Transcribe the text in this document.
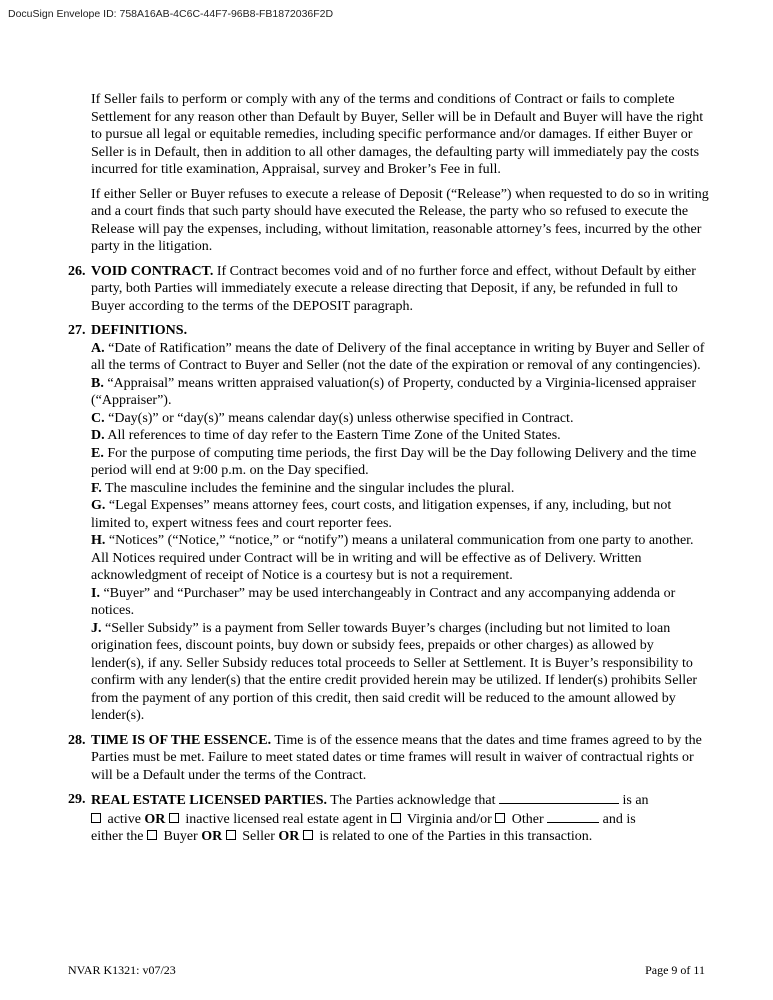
DocuSign Envelope ID: 758A16AB-4C6C-44F7-96B8-FB1872036F2D

If Seller fails to perform or comply with any of the terms and conditions of Contract or fails to complete Settlement for any reason other than Default by Buyer, Seller will be in Default and Buyer will have the right to pursue all legal or equitable remedies, including specific performance and/or damages. If either Buyer or Seller is in Default, then in addition to all other damages, the defaulting party will immediately pay the costs incurred for title examination, Appraisal, survey and Broker’s Fee in full.

If either Seller or Buyer refuses to execute a release of Deposit (“Release”) when requested to do so in writing and a court finds that such party should have executed the Release, the party who so refused to execute the Release will pay the expenses, including, without limitation, reasonable attorney’s fees, incurred by the other party in the litigation.

26. VOID CONTRACT. If Contract becomes void and of no further force and effect, without Default by either party, both Parties will immediately execute a release directing that Deposit, if any, be refunded in full to Buyer according to the terms of the DEPOSIT paragraph.
27. DEFINITIONS.

A. “Date of Ratification” means the date of Delivery of the final acceptance in writing by Buyer and Seller of all the terms of Contract to Buyer and Seller (not the date of the expiration or removal of any contingencies).

B. “Appraisal” means written appraised valuation(s) of Property, conducted by a Virginia-licensed appraiser (“Appraiser”).

C. “Day(s)” or “day(s)” means calendar day(s) unless otherwise specified in Contract.

D. All references to time of day refer to the Eastern Time Zone of the United States.

E. For the purpose of computing time periods, the first Day will be the Day following Delivery and the time period will end at 9:00 p.m. on the Day specified.

F. The masculine includes the feminine and the singular includes the plural.

G. “Legal Expenses” means attorney fees, court costs, and litigation expenses, if any, including, but not limited to, expert witness fees and court reporter fees.

H. “Notices” (“Notice,” “notice,” or “notify”) means a unilateral communication from one party to another. All Notices required under Contract will be in writing and will be effective as of Delivery. Written acknowledgment of receipt of Notice is a courtesy but is not a requirement.

I. “Buyer” and “Purchaser” may be used interchangeably in Contract and any accompanying addenda or notices.

J. “Seller Subsidy” is a payment from Seller towards Buyer’s charges (including but not limited to loan origination fees, discount points, buy down or subsidy fees, prepaids or other charges) as allowed by lender(s), if any. Seller Subsidy reduces total proceeds to Seller at Settlement. It is Buyer’s responsibility to confirm with any lender(s) that the entire credit provided herein may be utilized. If lender(s) prohibits Seller from the payment of any portion of this credit, then said credit will be reduced to the amount allowed by lender(s).

28. TIME IS OF THE ESSENCE. Time is of the essence means that the dates and time frames agreed to by the Parties must be met. Failure to meet stated dates or time frames will result in waiver of contractual rights or will be a Default under the terms of the Contract.
29. REAL ESTATE LICENSED PARTIES. The Parties acknowledge that	is an
active OR  inactive licensed real estate agent in  Virginia and/or  Other	and is
either the  Buyer OR  Seller OR  is related to one of the Parties in this transaction.
NVAR K1321: v07/23	Page 9 of 11
